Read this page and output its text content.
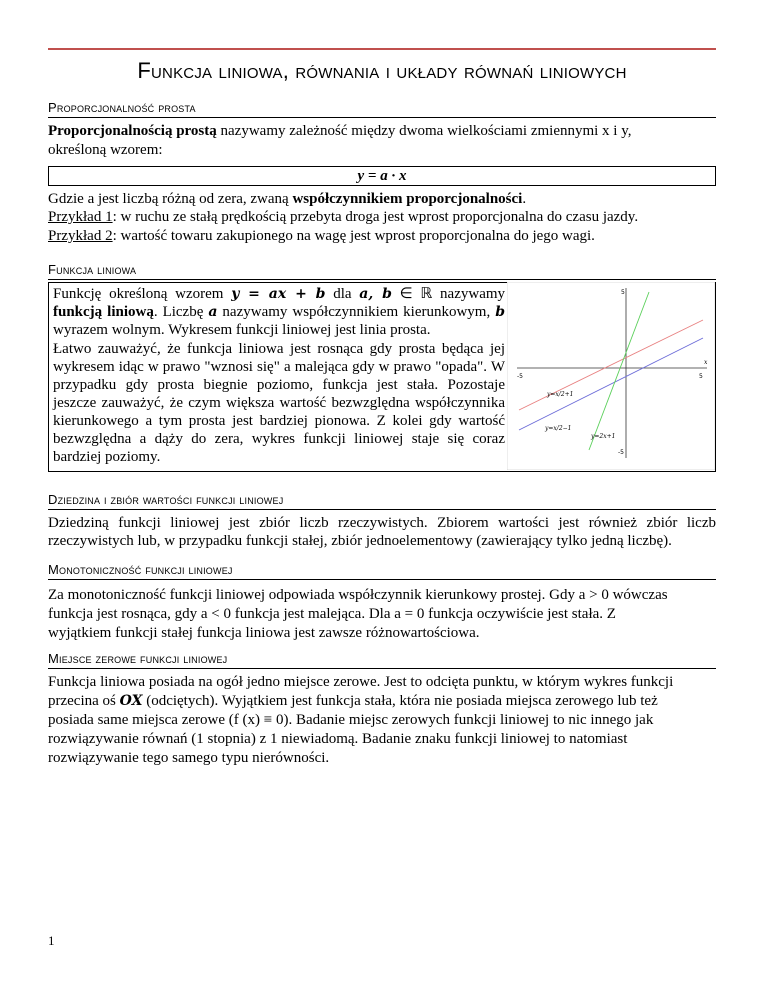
Funkcja liniowa, równania i układy równań liniowych
Proporcjonalność prosta
Proporcjonalnością prostą nazywamy zależność między dwoma wielkościami zmiennymi x i y,
określoną wzorem:
y = a · x
Gdzie a jest liczbą różną od zera, zwaną współczynnikiem proporcjonalności.
Przykład 1: w ruchu ze stałą prędkością przebyta droga jest wprost proporcjonalna do czasu jazdy.
Przykład 2: wartość towaru zakupionego na wagę jest wprost proporcjonalna do jego wagi.
Funkcja liniowa

Funkcję określoną wzorem y = ax + b dla a, b ∈ ℝ nazywamy funkcją liniową. Liczbę a nazywamy współczynnikiem kierunkowym, b wyrazem wolnym. Wykresem funkcji liniowej jest linia prosta.

Łatwo zauważyć, że funkcja liniowa jest rosnąca gdy prosta będąca jej wykresem idąc w prawo "wznosi się" a malejąca gdy w prawo "opada". W przypadku gdy prosta biegnie poziomo, funkcja jest stała. Pozostaje jeszcze zauważyć, że czym większa wartość bezwzględna współczynnika kierunkowego a tym prosta jest bardziej pionowa. Z kolei gdy wartość bezwzględna a dąży do zera, wykres funkcji liniowej staje się coraz bardziej poziomy.

5
-5
-5	5
x
y=x/2+1
y=x/2−1
y=2x+1
Dziedzina i zbiór wartości funkcji liniowej
Dziedziną funkcji liniowej jest zbiór liczb rzeczywistych. Zbiorem wartości jest również zbiór liczb rzeczywistych lub, w przypadku funkcji stałej, zbiór jednoelementowy (zawierający tylko jedną liczbę).
Monotoniczność funkcji liniowej
Za monotoniczność funkcji liniowej odpowiada współczynnik kierunkowy prostej. Gdy a > 0 wówczas
funkcja jest rosnąca, gdy a < 0 funkcja jest malejąca. Dla a = 0 funkcja oczywiście jest stała. Z
wyjątkiem funkcji stałej funkcja liniowa jest zawsze różnowartościowa.
Miejsce zerowe funkcji liniowej
Funkcja liniowa posiada na ogół jedno miejsce zerowe. Jest to odcięta punktu, w którym wykres funkcji
przecina oś OX (odciętych). Wyjątkiem jest funkcja stała, która nie posiada miejsca zerowego lub też
posiada same miejsca zerowe (f (x) ≡ 0). Badanie miejsc zerowych funkcji liniowej to nic innego jak
rozwiązywanie równań (1 stopnia) z 1 niewiadomą. Badanie znaku funkcji liniowej to natomiast
rozwiązywanie tego samego typu nierówności.
1
